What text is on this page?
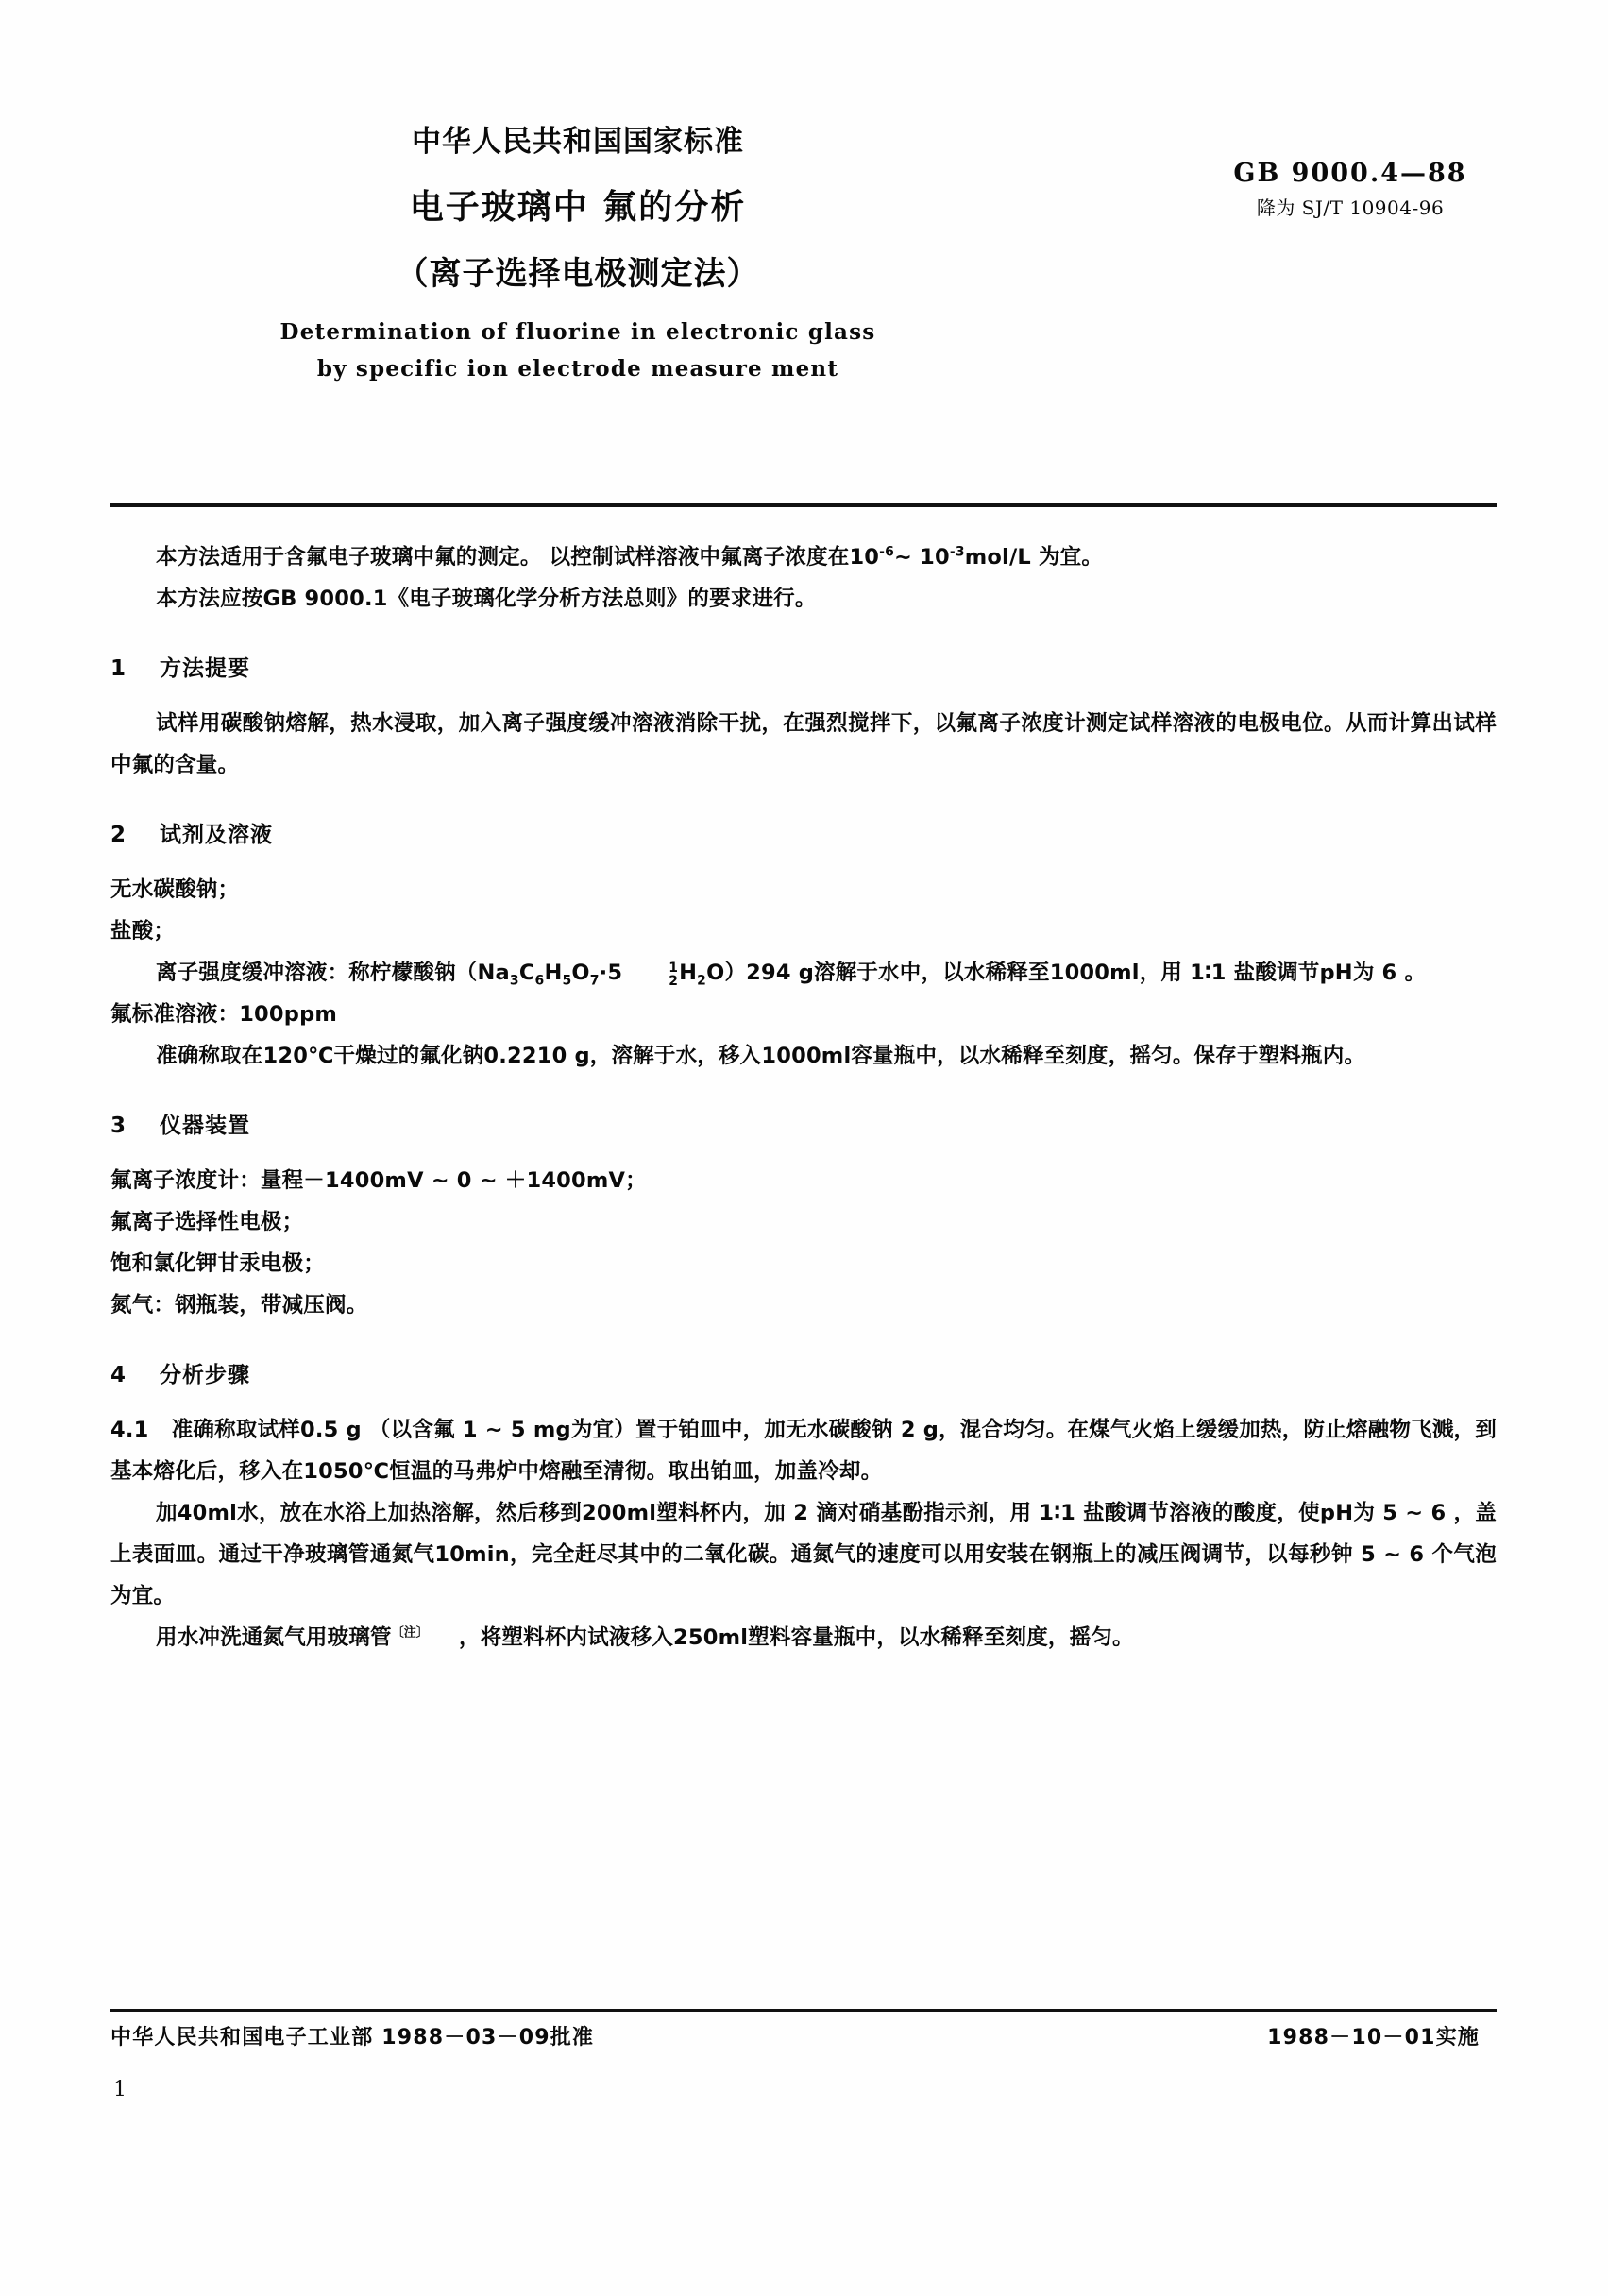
中华人民共和国国家标准
电子玻璃中 氟的分析
（离子选择电极测定法）
Determination of fluorine in electronic glass
by specific ion electrode measure ment
GB 9000.4—88
降为 SJ/T 10904-96

本方法适用于含氟电子玻璃中氟的测定。 以控制试样溶液中氟离子浓度在$10^{-6}\sim$ $10^{-3}mol/L$ 为宜。

本方法应按GB 9000.1《电子玻璃化学分析方法总则》的要求进行。

1 方法提要

试样用碳酸钠熔解，热水浸取，加入离子强度缓冲溶液消除干扰，在强烈搅拌下，以氟离子浓度计测定试样溶液的电极电位。从而计算出试样中氟的含量。

2 试剂及溶液

无水碳酸钠；

盐酸；

离子强度缓冲溶液：称柠檬酸钠（$Na_3C_6H_5O_7\cdot 5$	1
2 $H_2O)294$ g溶解于水中，以水稀释至1000ml，用 1∶1 盐酸调节pH为 6 。

氟标准溶液：100ppm

准确称取在120℃干燥过的氟化钠0.2210 g，溶解于水，移入1000ml容量瓶中，以水稀释至刻度，摇匀。保存于塑料瓶内。

3 仪器装置

氟离子浓度计：量程－1400mV ~ 0 ~ ＋1400mV；

氟离子选择性电极；

饱和氯化钾甘汞电极；

氮气：钢瓶装，带减压阀。

4 分析步骤

4.1 准确称取试样0.5 g （以含氟 1 ~ 5 mg为宜）置于铂皿中，加无水碳酸钠 2 g，混合均匀。在煤气火焰上缓缓加热，防止熔融物飞溅，到基本熔化后，移入在1050℃恒温的马弗炉中熔融至清彻。取出铂皿，加盖冷却。

加40ml水，放在水浴上加热溶解，然后移到200ml塑料杯内，加 2 滴对硝基酚指示剂，用 1∶1 盐酸调节溶液的酸度，使pH为 5 ~ 6 ，盖上表面皿。通过干净玻璃管通氮气10min，完全赶尽其中的二氧化碳。通氮气的速度可以用安装在钢瓶上的减压阀调节，以每秒钟 5 ~ 6 个气泡为宜。

用水冲洗通氮气用玻璃管$^{〔注〕}$ ，将塑料杯内试液移入250ml塑料容量瓶中，以水稀释至刻度，摇匀。

中华人民共和国电子工业部 1988－03－09批准	1988－10－01实施
1
